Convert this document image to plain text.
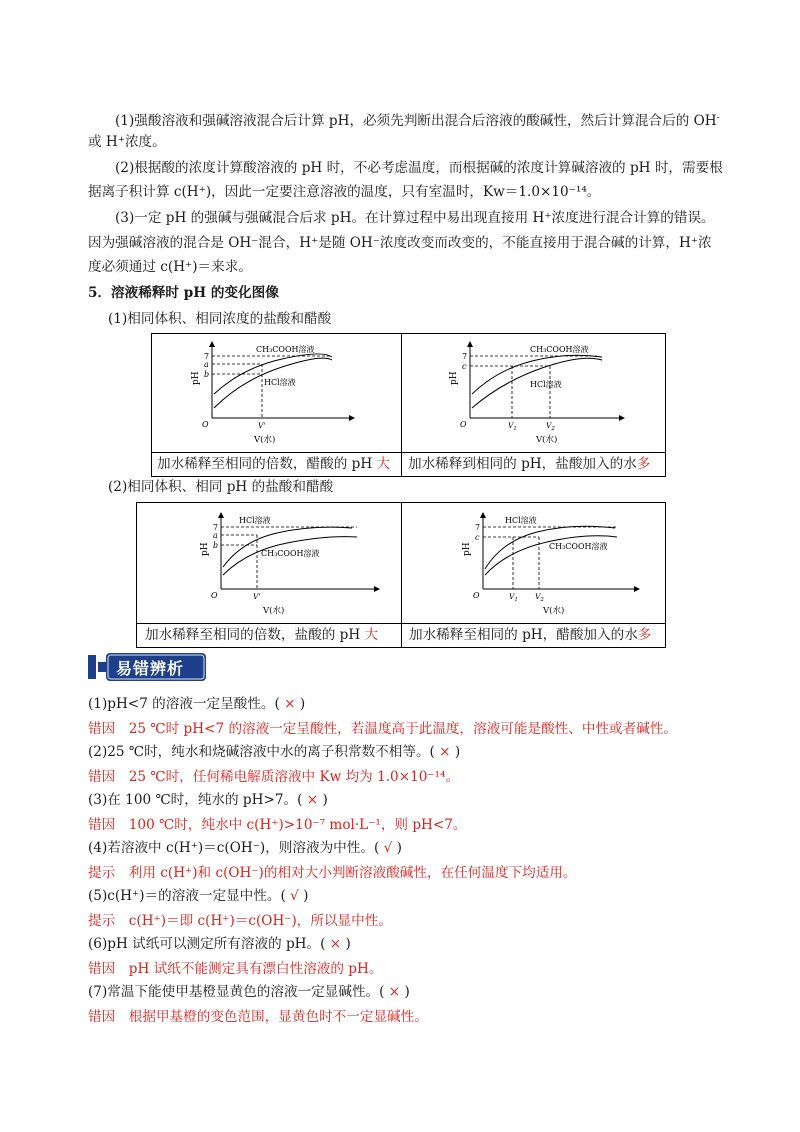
(1)强酸溶液和强碱溶液混合后计算 pH，必须先判断出混合后溶液的酸碱性，然后计算混合后的 OH-
或 H⁺浓度。
(2)根据酸的浓度计算酸溶液的 pH 时，不必考虑温度，而根据碱的浓度计算碱溶液的 pH 时，需要根
据离子积计算 c(H⁺)，因此一定要注意溶液的温度，只有室温时，Kw＝1.0×10⁻¹⁴。
(3)一定 pH 的强碱与强碱混合后求 pH。在计算过程中易出现直接用 H⁺浓度进行混合计算的错误。
因为强碱溶液的混合是 OH⁻混合，H⁺是随 OH⁻浓度改变而改变的，不能直接用于混合碱的计算，H⁺浓
度必须通过 c(H⁺)＝来求。
5．溶液稀释时 pH 的变化图像
(1)相同体积、相同浓度的盐酸和醋酸
pH
7
a
b
O	V'
V(水)
CH₃COOH溶液
HCl溶液	pH
7
c
O	$V_1$	$V_2$
V(水)
CH₃COOH溶液
HCl溶液
加水稀释至相同的倍数，醋酸的 pH 大 加水稀释到相同的 pH，盐酸加入的水多
(2)相同体积、相同 pH 的盐酸和醋酸
pH
7
a
b
O	V'
V(水)
HCl溶液
CH₃COOH溶液	pH
7
c
O	$V_1$ $V_2$
V(水)
HCl溶液
CH₃COOH溶液
加水稀释至相同的倍数，盐酸的 pH 大 加水稀释至相同的 pH，醋酸加入的水多
易错辨析
(1)pH<7 的溶液一定呈酸性。( × )
错因　25 ℃时 pH<7 的溶液一定呈酸性，若温度高于此温度，溶液可能是酸性、中性或者碱性。
(2)25 ℃时，纯水和烧碱溶液中水的离子积常数不相等。( × )
错因　25 ℃时，任何稀电解质溶液中 Kw 均为 1.0×10⁻¹⁴。
(3)在 100 ℃时，纯水的 pH>7。( × )
错因　100 ℃时，纯水中 c(H⁺)>10⁻⁷ mol·L⁻¹，则 pH<7。
(4)若溶液中 c(H⁺)＝c(OH⁻)，则溶液为中性。( √ )
提示　利用 c(H⁺)和 c(OH⁻)的相对大小判断溶液酸碱性，在任何温度下均适用。
(5)c(H⁺)＝的溶液一定显中性。( √ )
提示　c(H⁺)＝即 c(H⁺)＝c(OH⁻)，所以显中性。
(6)pH 试纸可以测定所有溶液的 pH。( × )
错因　pH 试纸不能测定具有漂白性溶液的 pH。
(7)常温下能使甲基橙显黄色的溶液一定显碱性。( × )
错因　根据甲基橙的变色范围，显黄色时不一定显碱性。
